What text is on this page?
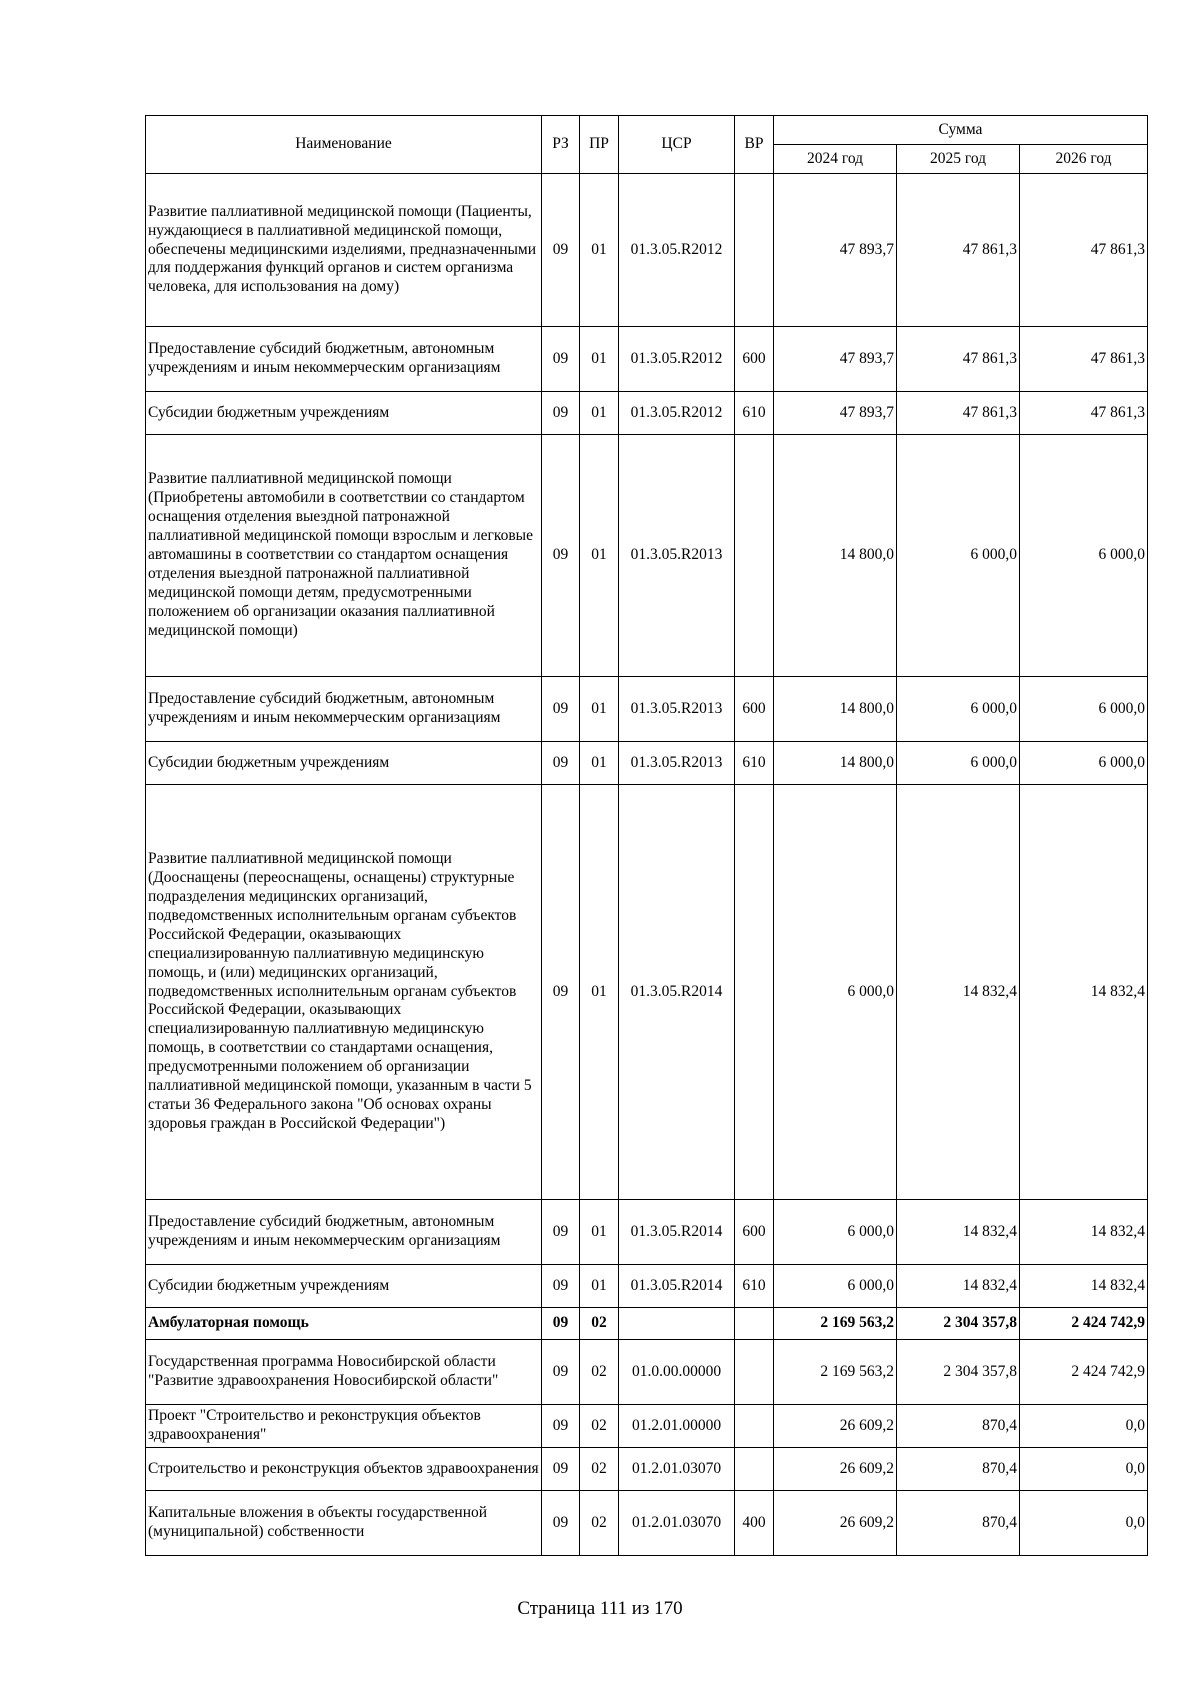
Наименование	РЗ	ПР	ЦСР	ВР	Сумма		
					2024 год	2025 год	2026 год
Развитие паллиативной медицинской помощи (Пациенты, нуждающиеся в паллиативной медицинской помощи, обеспечены медицинскими изделиями, предназначенными для поддержания функций органов и систем организма человека, для использования на дому)	09	01	01.3.05.R2012		47 893,7	47 861,3	47 861,3
Предоставление субсидий бюджетным, автономным учреждениям и иным некоммерческим организациям	09	01	01.3.05.R2012	600	47 893,7	47 861,3	47 861,3
Субсидии бюджетным учреждениям	09	01	01.3.05.R2012	610	47 893,7	47 861,3	47 861,3
Развитие паллиативной медицинской помощи (Приобретены автомобили в соответствии со стандартом оснащения отделения выездной патронажной паллиативной медицинской помощи взрослым и легковые автомашины в соответствии со стандартом оснащения отделения выездной патронажной паллиативной медицинской помощи детям, предусмотренными положением об организации оказания паллиативной медицинской помощи)	09	01	01.3.05.R2013		14 800,0	6 000,0	6 000,0
Предоставление субсидий бюджетным, автономным учреждениям и иным некоммерческим организациям	09	01	01.3.05.R2013	600	14 800,0	6 000,0	6 000,0
Субсидии бюджетным учреждениям	09	01	01.3.05.R2013	610	14 800,0	6 000,0	6 000,0
Развитие паллиативной медицинской помощи (Дооснащены (переоснащены, оснащены) структурные подразделения медицинских организаций, подведомственных исполнительным органам субъектов Российской Федерации, оказывающих специализированную паллиативную медицинскую помощь, и (или) медицинских организаций, подведомственных исполнительным органам субъектов Российской Федерации, оказывающих специализированную паллиативную медицинскую помощь, в соответствии со стандартами оснащения, предусмотренными положением об организации паллиативной медицинской помощи, указанным в части 5 статьи 36 Федерального закона "Об основах охраны здоровья граждан в Российской Федерации")	09	01	01.3.05.R2014		6 000,0	14 832,4	14 832,4
Предоставление субсидий бюджетным, автономным учреждениям и иным некоммерческим организациям	09	01	01.3.05.R2014	600	6 000,0	14 832,4	14 832,4
Субсидии бюджетным учреждениям	09	01	01.3.05.R2014	610	6 000,0	14 832,4	14 832,4
Амбулаторная помощь	09	02			2 169 563,2	2 304 357,8	2 424 742,9
Государственная программа Новосибирской области "Развитие здравоохранения Новосибирской области"	09	02	01.0.00.00000		2 169 563,2	2 304 357,8	2 424 742,9
Проект "Строительство и реконструкция объектов здравоохранения"	09	02	01.2.01.00000		26 609,2	870,4	0,0
Строительство и реконструкция объектов здравоохранения	09	02	01.2.01.03070		26 609,2	870,4	0,0
Капитальные вложения в объекты государственной (муниципальной) собственности	09	02	01.2.01.03070	400	26 609,2	870,4	0,0
Страница 111 из 170
